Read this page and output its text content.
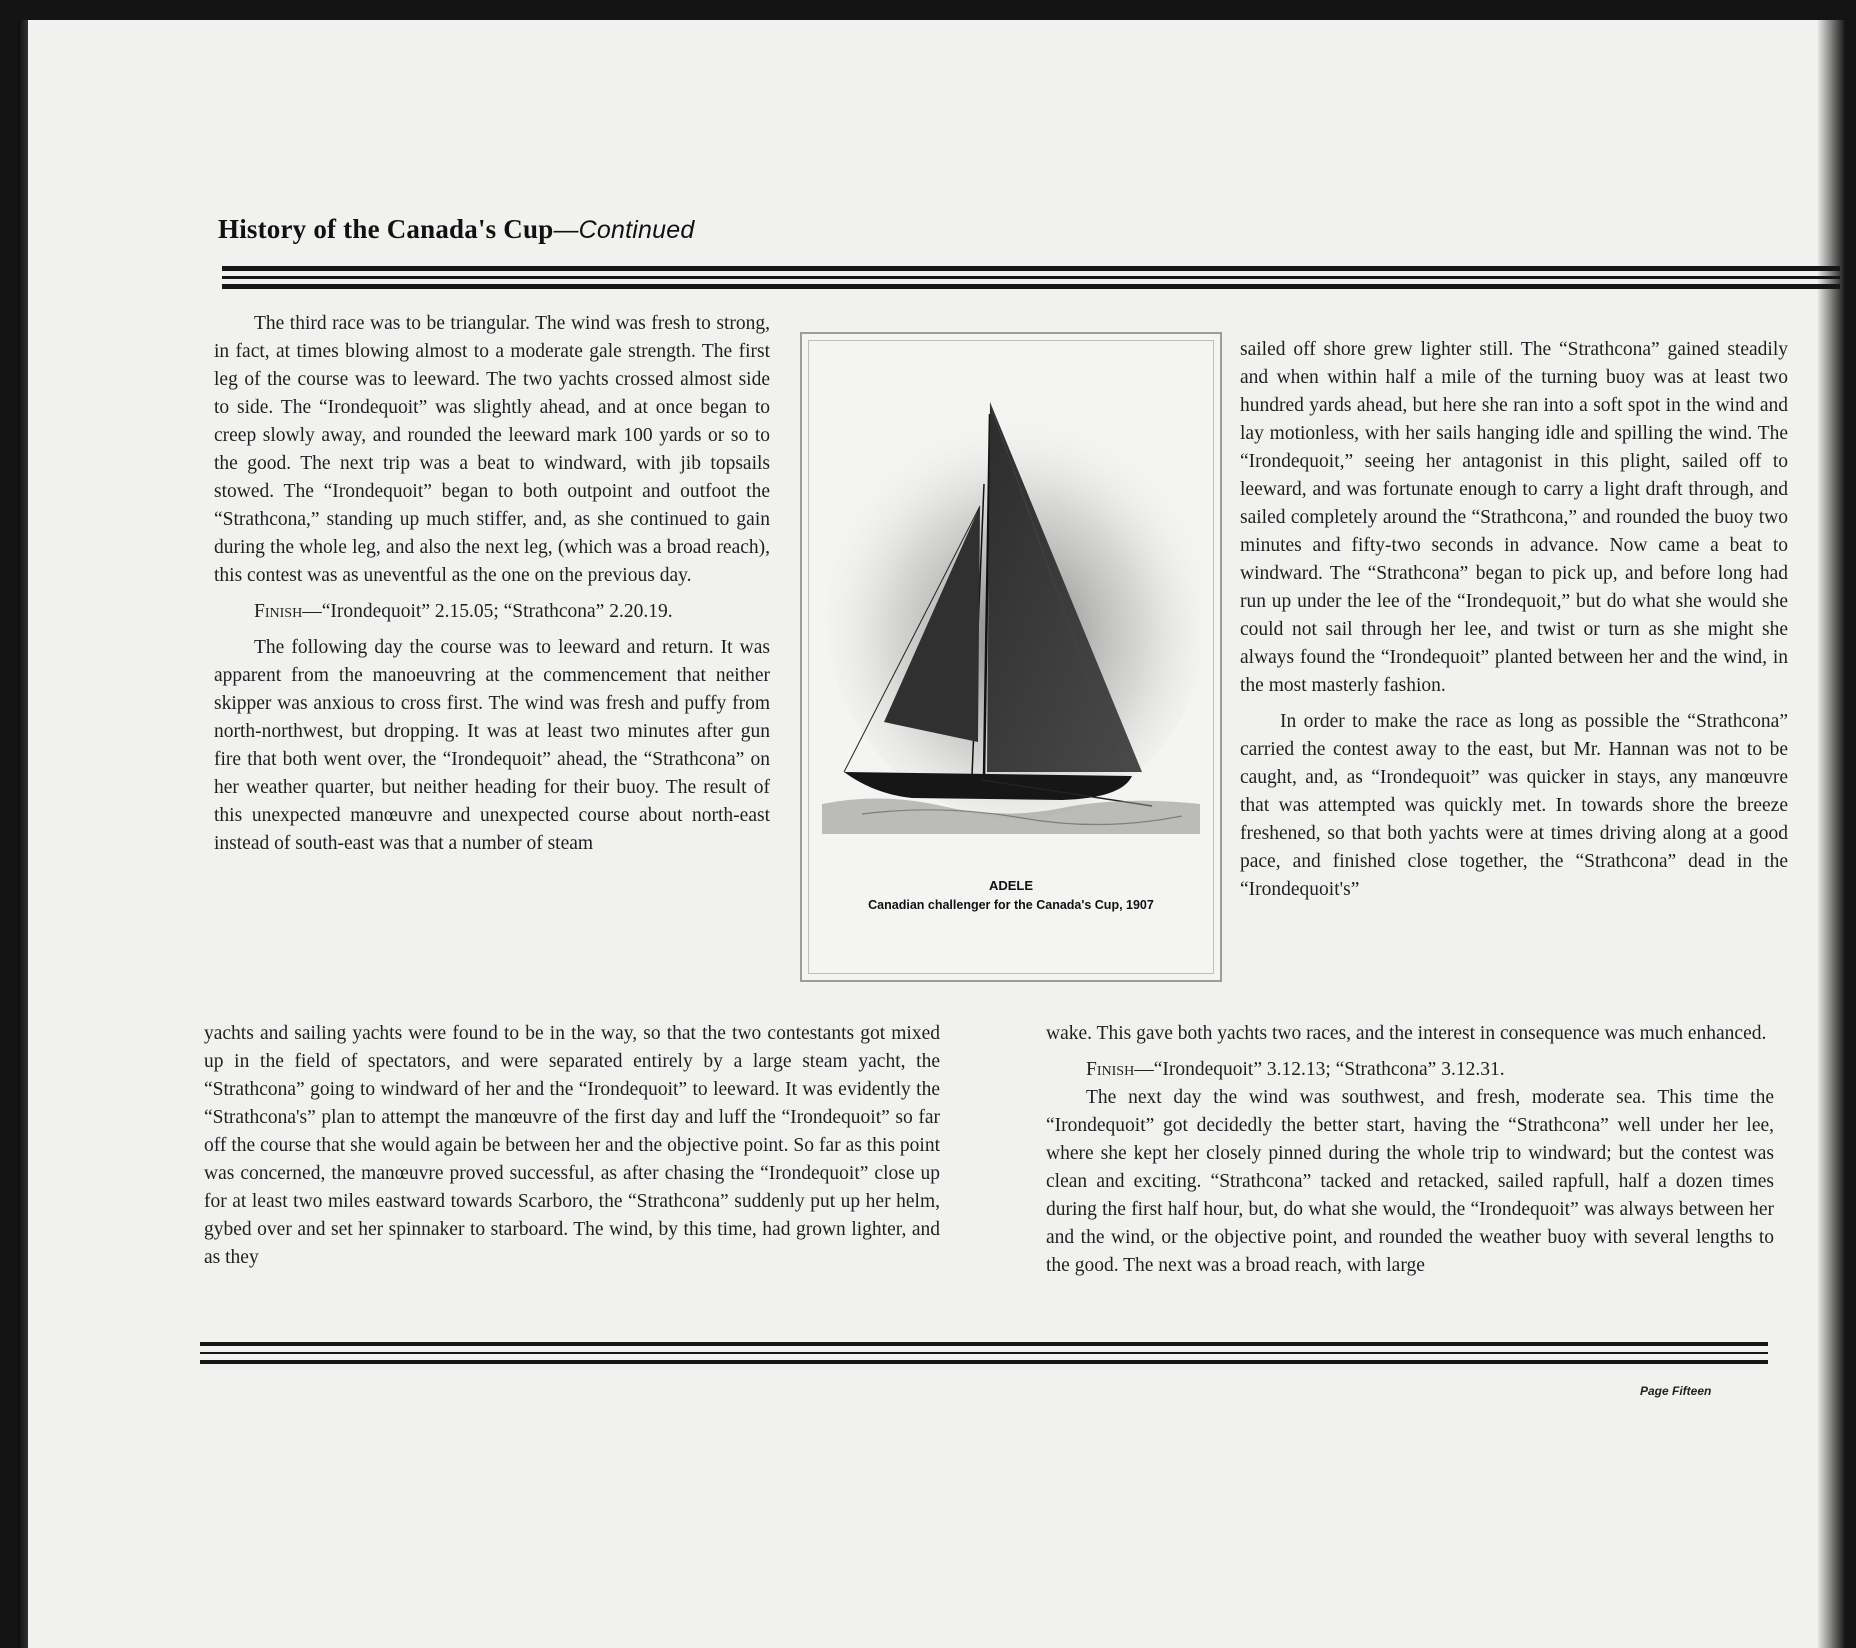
History of the Canada's Cup—Continued

The third race was to be triangular. The wind was fresh to strong, in fact, at times blowing almost to a moderate gale strength. The first leg of the course was to leeward. The two yachts crossed almost side to side. The “Irondequoit” was slightly ahead, and at once began to creep slowly away, and rounded the leeward mark 100 yards or so to the good. The next trip was a beat to windward, with jib topsails stowed. The “Irondequoit” began to both outpoint and outfoot the “Strathcona,” standing up much stiffer, and, as she continued to gain during the whole leg, and also the next leg, (which was a broad reach), this contest was as uneventful as the one on the previous day.

Finish—“Irondequoit” 2.15.05; “Strathcona” 2.20.19.

The following day the course was to leeward and return. It was apparent from the manoeuvring at the commencement that neither skipper was anxious to cross first. The wind was fresh and puffy from north-northwest, but dropping. It was at least two minutes after gun fire that both went over, the “Irondequoit” ahead, the “Strathcona” on her weather quarter, but neither heading for their buoy. The result of this unexpected manœuvre and unexpected course about north-east instead of south-east was that a number of steam

ADELE
Canadian challenger for the Canada's Cup, 1907

sailed off shore grew lighter still. The “Strathcona” gained steadily and when within half a mile of the turning buoy was at least two hundred yards ahead, but here she ran into a soft spot in the wind and lay motionless, with her sails hanging idle and spilling the wind. The “Irondequoit,” seeing her antagonist in this plight, sailed off to leeward, and was fortunate enough to carry a light draft through, and sailed completely around the “Strathcona,” and rounded the buoy two minutes and fifty-two seconds in advance. Now came a beat to windward. The “Strathcona” began to pick up, and before long had run up under the lee of the “Irondequoit,” but do what she would she could not sail through her lee, and twist or turn as she might she always found the “Irondequoit” planted between her and the wind, in the most masterly fashion.

In order to make the race as long as possible the “Strathcona” carried the contest away to the east, but Mr. Hannan was not to be caught, and, as “Irondequoit” was quicker in stays, any manœuvre that was attempted was quickly met. In towards shore the breeze freshened, so that both yachts were at times driving along at a good pace, and finished close together, the “Strathcona” dead in the “Irondequoit's”

yachts and sailing yachts were found to be in the way, so that the two contestants got mixed up in the field of spectators, and were separated entirely by a large steam yacht, the “Strathcona” going to windward of her and the “Irondequoit” to leeward. It was evidently the “Strathcona's” plan to attempt the manœuvre of the first day and luff the “Irondequoit” so far off the course that she would again be between her and the objective point. So far as this point was concerned, the manœuvre proved successful, as after chasing the “Irondequoit” close up for at least two miles eastward towards Scarboro, the “Strathcona” suddenly put up her helm, gybed over and set her spinnaker to starboard. The wind, by this time, had grown lighter, and as they

wake. This gave both yachts two races, and the interest in consequence was much enhanced.

Finish—“Irondequoit” 3.12.13; “Strathcona” 3.12.31.

The next day the wind was southwest, and fresh, moderate sea. This time the “Irondequoit” got decidedly the better start, having the “Strathcona” well under her lee, where she kept her closely pinned during the whole trip to windward; but the contest was clean and exciting. “Strathcona” tacked and retacked, sailed rapfull, half a dozen times during the first half hour, but, do what she would, the “Irondequoit” was always between her and the wind, or the objective point, and rounded the weather buoy with several lengths to the good. The next was a broad reach, with large

Page Fifteen
